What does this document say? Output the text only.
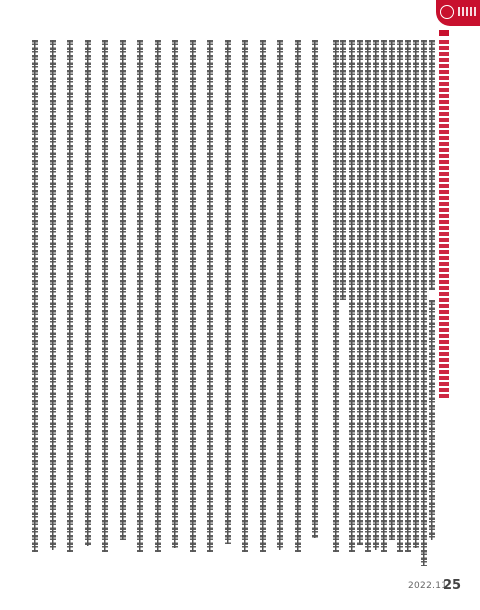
2022.11
25
